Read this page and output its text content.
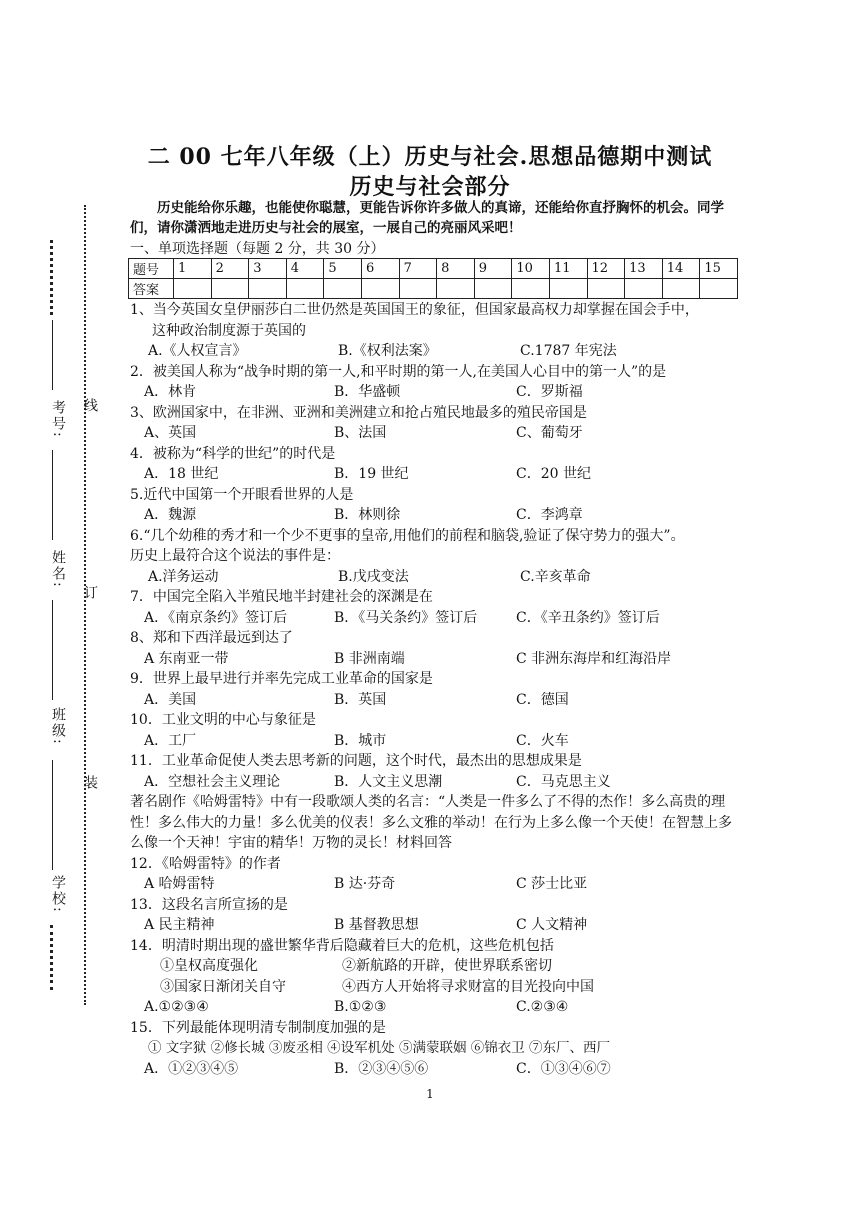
考号:
姓名:
班级:
学校:
线
订
装
二 00 七年八年级（上）历史与社会.思想品德期中测试
历史与社会部分
历史能给你乐趣，也能使你聪慧，更能告诉你许多做人的真谛，还能给你直抒胸怀的机会。同学们，请你潇洒地走进历史与社会的展室，一展自己的亮丽风采吧！
一、单项选择题（每题 2 分，共 30 分）
题号	1	2	3	4	5	6	7	8	9	10	11	12	13	14	15
答案															
1、当今英国女皇伊丽莎白二世仍然是英国国王的象征，但国家最高权力却掌握在国会手中，
这种政治制度源于英国的
A.《人权宣言》	B.《权利法案》	C.1787 年宪法
2．被美国人称为“战争时期的第一人,和平时期的第一人,在美国人心目中的第一人”的是
A．林肯	B．华盛顿	C．罗斯福
3、欧洲国家中，在非洲、亚洲和美洲建立和抢占殖民地最多的殖民帝国是
A、英国	B、法国	C、葡萄牙
4．被称为“科学的世纪”的时代是
A．18 世纪	B．19 世纪	C．20 世纪
5.近代中国第一个开眼看世界的人是
A．魏源	B．林则徐	C．李鸿章
6.“几个幼稚的秀才和一个少不更事的皇帝,用他们的前程和脑袋,验证了保守势力的强大”。
历史上最符合这个说法的事件是：
A.洋务运动	B.戊戌变法	C.辛亥革命
7．中国完全陷入半殖民地半封建社会的深渊是在
A．《南京条约》签订后	B．《马关条约》签订后	C．《辛丑条约》签订后
8、郑和下西洋最远到达了
A 东南亚一带	B 非洲南端	C 非洲东海岸和红海沿岸
9．世界上最早进行并率先完成工业革命的国家是
A．美国	B．英国	C．德国
10．工业文明的中心与象征是
A．工厂	B．城市	C．火车
11．工业革命促使人类去思考新的问题，这个时代，最杰出的思想成果是
A．空想社会主义理论	B．人文主义思潮	C．马克思主义
著名剧作《哈姆雷特》中有一段歌颂人类的名言：“人类是一件多么了不得的杰作！多么高贵的理性！多么伟大的力量！多么优美的仪表！多么文雅的举动！在行为上多么像一个天使！在智慧上多么像一个天神！宇宙的精华！万物的灵长！材料回答
12．《哈姆雷特》的作者
A 哈姆雷特	B 达·芬奇	C 莎士比亚
13．这段名言所宣扬的是
A 民主精神	B 基督教思想	C 人文精神
14．明清时期出现的盛世繁华背后隐藏着巨大的危机，这些危机包括
①皇权高度强化	②新航路的开辟，使世界联系密切
③国家日渐闭关自守	④西方人开始将寻求财富的目光投向中国
A.①②③④	B.①②③	C.②③④
15．下列最能体现明清专制制度加强的是
① 文字狱 ②修长城 ③废丞相 ④设军机处 ⑤满蒙联姻 ⑥锦衣卫 ⑦东厂、西厂
A．①②③④⑤	B．②③④⑤⑥	C．①③④⑥⑦
1
